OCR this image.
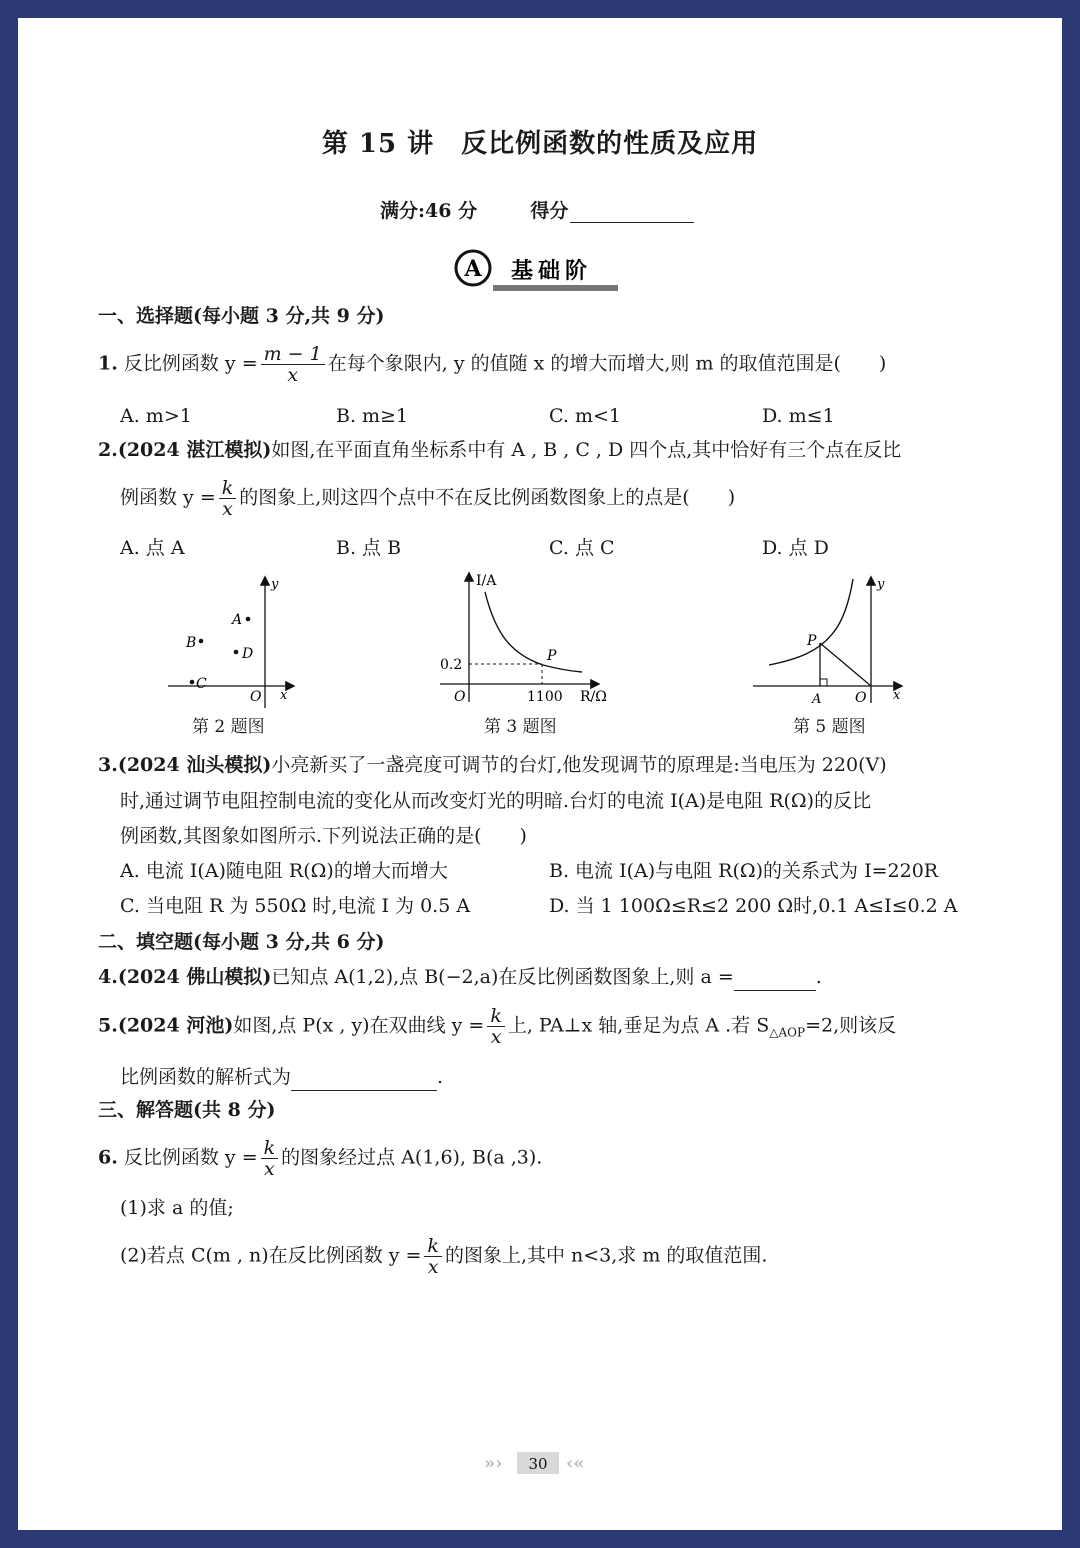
第 15 讲　反比例函数的性质及应用
满分:46 分	得分
A 基础阶
一、选择题(每小题 3 分,共 9 分)
1. 反比例函数 $y = \frac{m - 1}{x}$ 在每个象限内, y 的值随 x 的增大而增大,则 m 的取值范围是(　　)
A. m>1	B. m≥1	C. m<1	D. m≤1
2.(2024 湛江模拟)如图,在平面直角坐标系中有 A , B , C , D 四个点,其中恰好有三个点在反比
例函数 $y = \frac{k}{x}$ 的图象上,则这四个点中不在反比例函数图象上的点是(　　)
A. 点 A	B. 点 B	C. 点 C	D. 点 D
y
x
O
A
B
D
C
第 2 题图
I/A
R/Ω
O
0.2
1100
P
第 3 题图
y
x
O
A
P
第 5 题图
3.(2024 汕头模拟)小亮新买了一盏亮度可调节的台灯,他发现调节的原理是:当电压为 220(V)
时,通过调节电阻控制电流的变化从而改变灯光的明暗.台灯的电流 I(A)是电阻 R(Ω)的反比
例函数,其图象如图所示.下列说法正确的是(　　)
A. 电流 I(A)随电阻 R(Ω)的增大而增大	B. 电流 I(A)与电阻 R(Ω)的关系式为 I=220R
C. 当电阻 R 为 550Ω 时,电流 I 为 0.5 A	D. 当 1 100Ω≤R≤2 200 Ω时,0.1 A≤I≤0.2 A
二、填空题(每小题 3 分,共 6 分)
4.(2024 佛山模拟)已知点 A(1,2),点 B(−2,a)在反比例函数图象上,则 a =	.
5.(2024 河池)如图,点 P(x , y)在双曲线 $y = \frac{k}{x}$ 上, PA⊥x 轴,垂足为点 A .若 $S_{\triangle AOP}=2$,则该反
比例函数的解析式为	.
三、解答题(共 8 分)
6. 反比例函数 $y = \frac{k}{x}$ 的图象经过点 A(1,6), B(a ,3).
(1)求 a 的值;
(2)若点 C(m , n)在反比例函数 $y = \frac{k}{x}$ 的图象上,其中 n<3,求 m 的取值范围.
»› 30 ‹«
